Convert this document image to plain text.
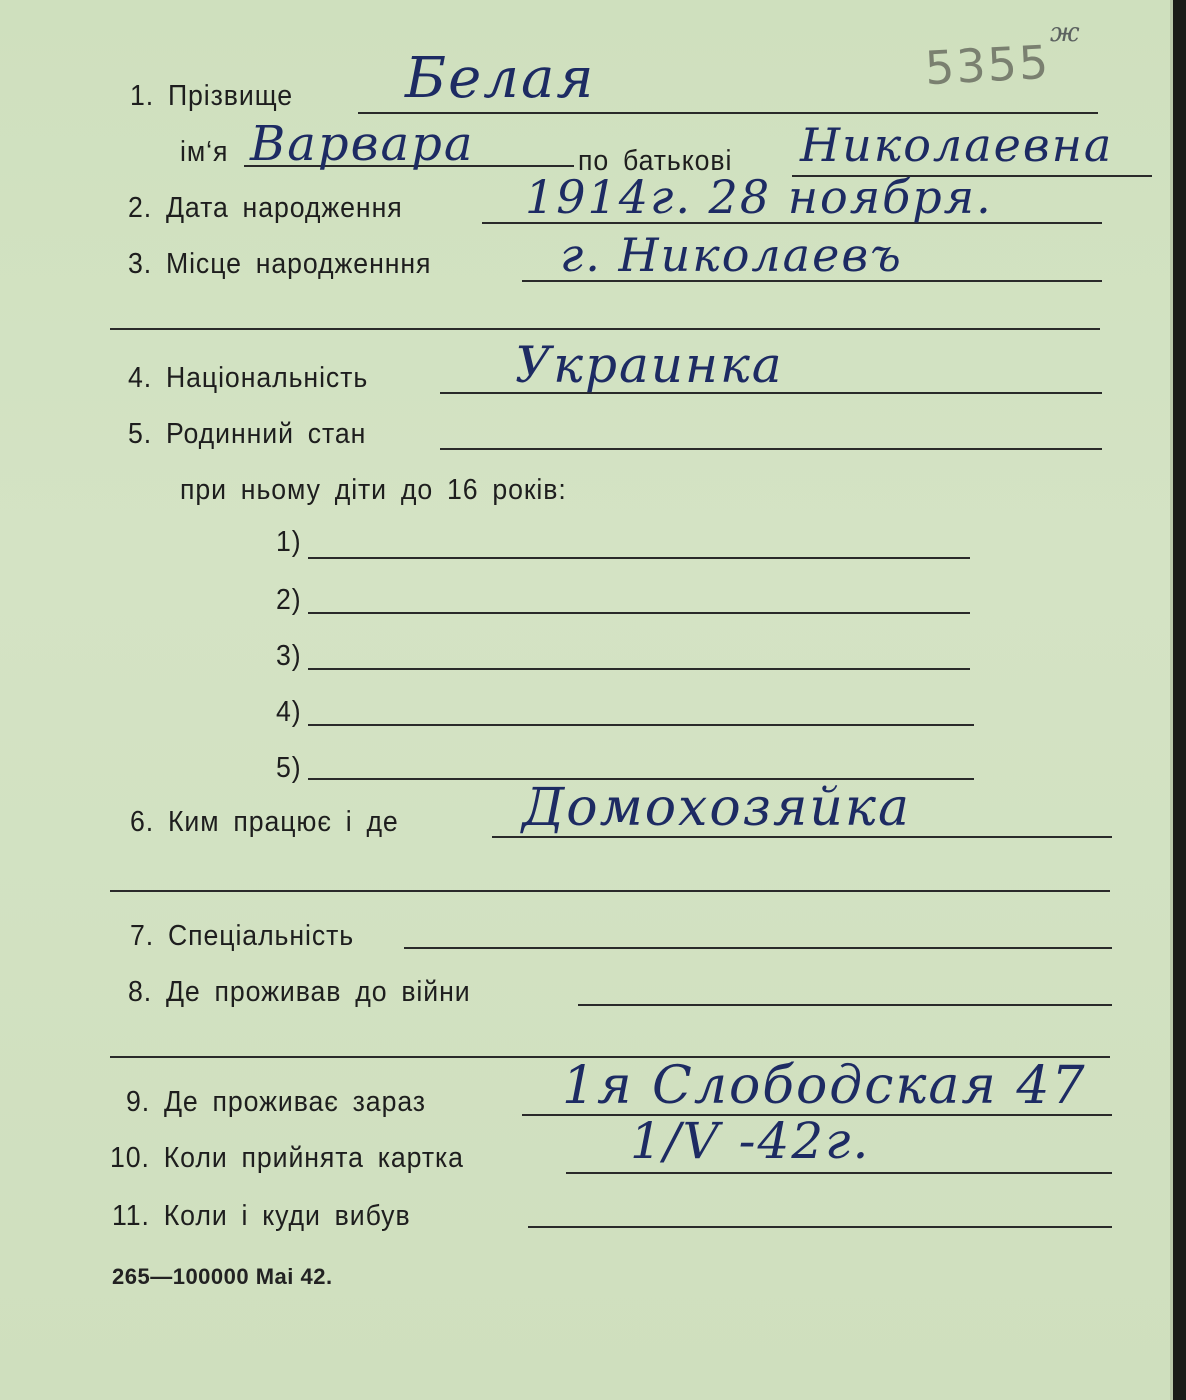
5355
ж
1. Прізвище Белая
ім‘я Варвара	по батькові Николаевна
2. Дата народження	1914г. 28 ноября.
3. Місце народженння	г. Николаевъ
4. Національність	Украинка
5. Родинний стан
при ньому діти до 16 років:
1)
2)
3)
4)
5)
6. Ким працює і де Домохозяйка
7. Спеціальність
8. Де проживав до війни
9. Де проживає зараз	1я Слободская 47
10. Коли прийнята картка	1/V -42г.
11. Коли і куди вибув
265—100000 Mai 42.
